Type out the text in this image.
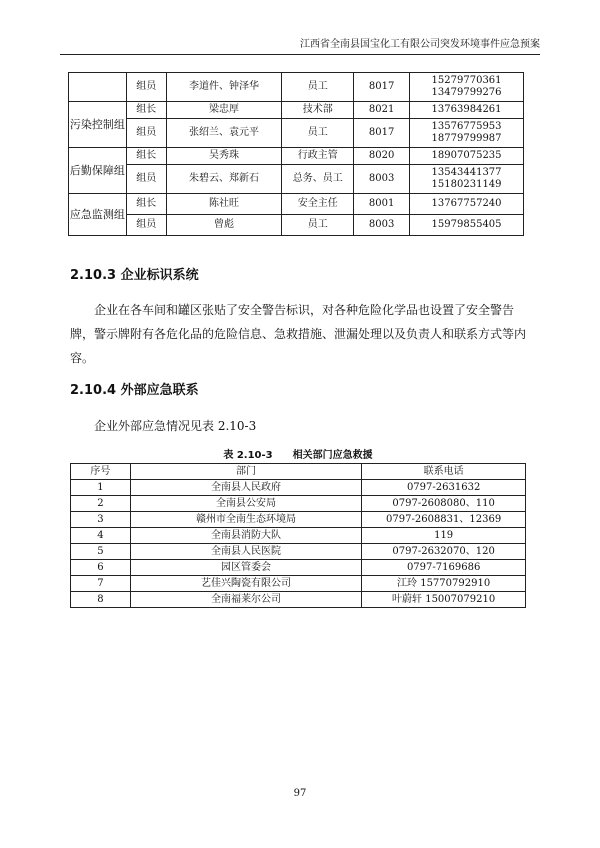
江西省全南县国宝化工有限公司突发环境事件应急预案
	组员	李道件、钟泽华	员工	8017	15279770361
13479799276

污染控制组	组长	梁忠厚	技术部	8021	13763984261
	组员	张绍兰、袁元平	员工	8017	13576775953
18779799987

后勤保障组	组长	吴秀珠	行政主管	8020	18907075235
	组员	朱碧云、郑新石	总务、员工	8003	13543441377
15180231149

应急监测组	组长	陈社旺	安全主任	8001	13767757240
	组员	曾彪	员工	8003	15979855405
2.10.3 企业标识系统

企业在各车间和罐区张贴了安全警告标识，对各种危险化学品也设置了安全警告牌，警示牌附有各危化品的危险信息、急救措施、泄漏处理以及负责人和联系方式等内容。

2.10.4 外部应急联系

企业外部应急情况见表 2.10-3

表 2.10-3　　相关部门应急救援
序号	部门	联系电话
1	全南县人民政府	0797-2631632
2	全南县公安局	0797-2608080、110
3	赣州市全南生态环境局	0797-2608831、12369
4	全南县消防大队	119
5	全南县人民医院	0797-2632070、120
6	园区管委会	0797-7169686
7	艺佳兴陶瓷有限公司	江玲 15770792910
8	全南福莱尔公司	叶蔚轩 15007079210
97
